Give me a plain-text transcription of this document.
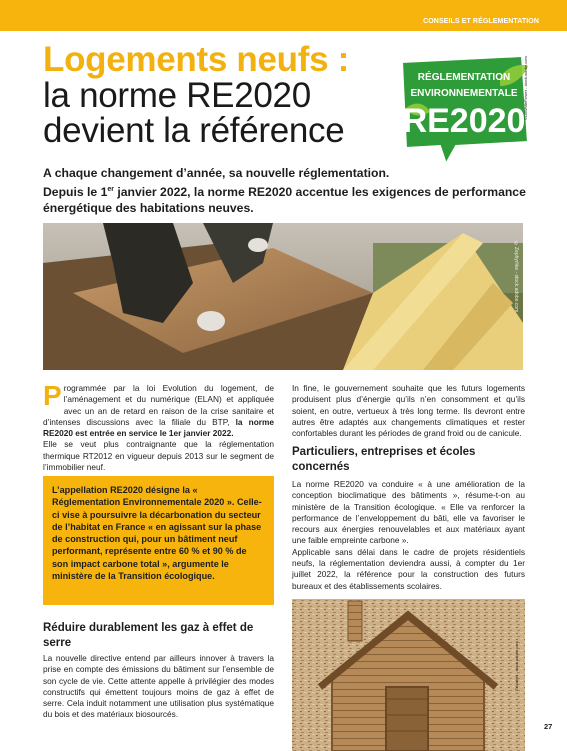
CONSEILS ET RÉGLEMENTATION
Logements neufs :
la norme RE2020
devient la référence
RÉGLEMENTATION
ENVIRONNEMENTALE
RE2020
©LiliWhiteFlower - stock.adobe.com

A chaque changement d’année, sa nouvelle réglementation.

Depuis le 1er janvier 2022, la norme RE2020 accentue les exigences de performance énergétique des habitations neuves.

©Zephyrlike - stock.adobe.com

Programmée par la loi Evolution du logement, de l’aménagement et du numérique (ELAN) et appliquée avec un an de retard en raison de la crise sanitaire et d’intenses discussions avec la filiale du BTP, la norme RE2020 est entrée en service le 1er janvier 2022.

Elle se veut plus contraignante que la réglementation thermique RT2012 en vigueur depuis 2013 sur le segment de l’immobilier neuf.

L’appellation RE2020 désigne la « Réglementation Environnementale 2020 ». Celle-ci vise à poursuivre la décarbonation du secteur de l’habitat en France « en agissant sur la phase de construction qui, pour un bâtiment neuf performant, représente entre 60 % et 90 % de son impact carbone total », argumente le ministère de la Transition écologique.
Réduire durablement les gaz à effet de serre
La nouvelle directive entend par ailleurs innover à travers la prise en compte des émissions du bâtiment sur l’ensemble de son cycle de vie. Cette attente appelle à privilégier des modes constructifs qui émettent toujours moins de gaz à effet de serre. Cela induit notamment une utilisation plus systématique du bois et des matériaux biosourcés.
In fine, le gouvernement souhaite que les futurs logements produisent plus d’énergie qu’ils n’en consomment et qu’ils soient, en outre, vertueux à très long terme. Ils devront entre autres être adaptés aux changements climatiques et rester confortables durant les périodes de grand froid ou de canicule.
Particuliers, entreprises et écoles concernés

La norme RE2020 va conduire « à une amélioration de la conception bioclimatique des bâtiments », résume-t-on au ministère de la Transition écologique. « Elle va renforcer la performance de l’enveloppement du bâti, elle va favoriser le recours aux énergies renouvelables et aux matériaux ayant une faible empreinte carbone ».

Applicable sans délai dans le cadre de projets résidentiels neufs, la réglementation deviendra aussi, à compter du 1er juillet 2022, la référence pour la construction des futurs bureaux et des établissements scolaires.

©Anatolii - stock.adobe.com
27
